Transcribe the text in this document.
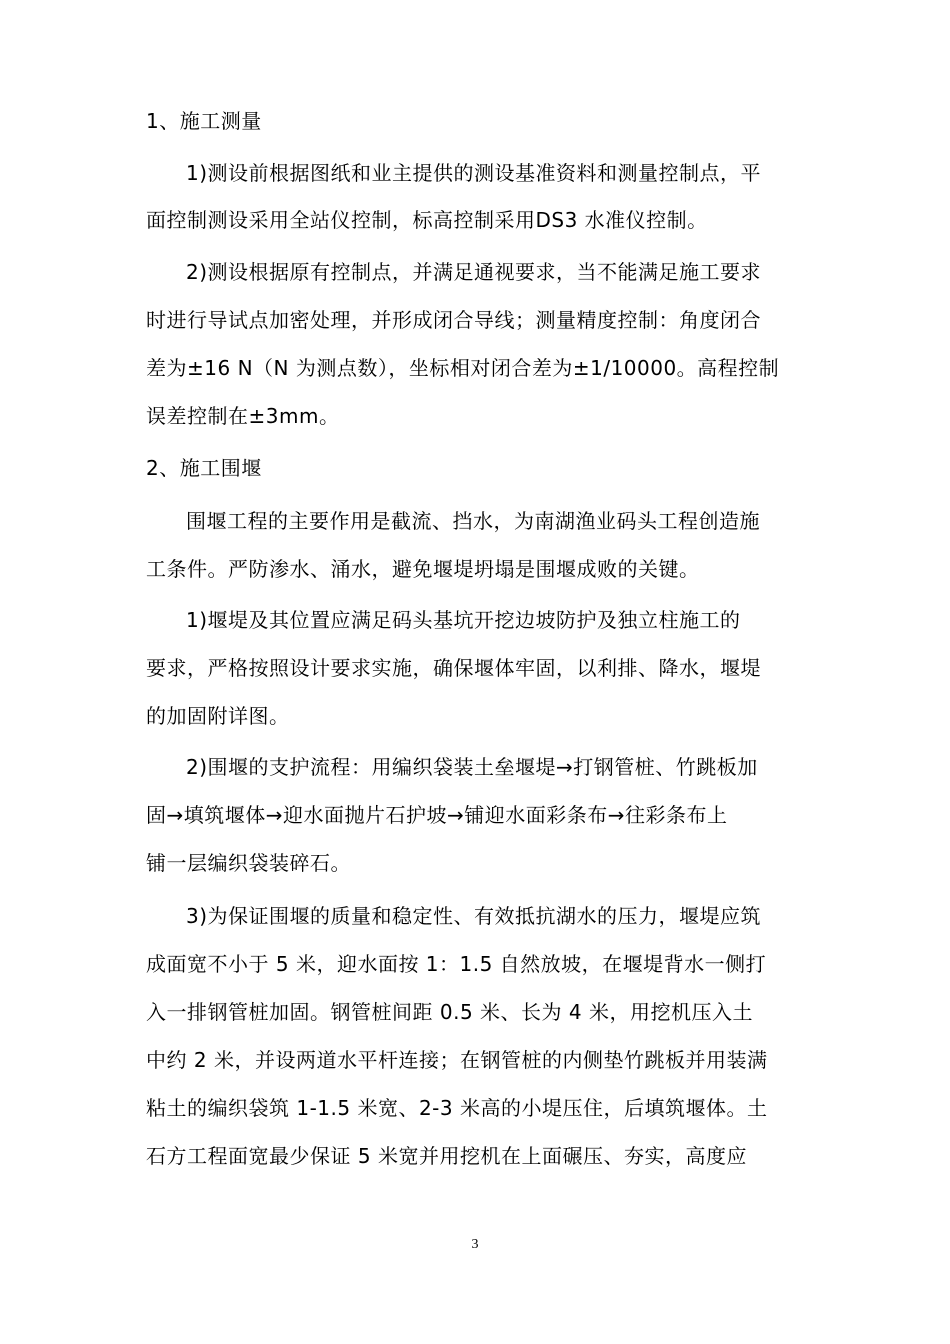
1、施工测量

1)测设前根据图纸和业主提供的测设基准资料和测量控制点，平

面控制测设采用全站仪控制，标高控制采用DS3 水准仪控制。

2)测设根据原有控制点，并满足通视要求，当不能满足施工要求

时进行导试点加密处理，并形成闭合导线；测量精度控制：角度闭合

差为±16 N（N 为测点数），坐标相对闭合差为±1/10000。高程控制

误差控制在±3mm。

2、施工围堰

围堰工程的主要作用是截流、挡水，为南湖渔业码头工程创造施

工条件。严防渗水、涌水，避免堰堤坍塌是围堰成败的关键。

1)堰堤及其位置应满足码头基坑开挖边坡防护及独立柱施工的

要求，严格按照设计要求实施，确保堰体牢固，以利排、降水，堰堤

的加固附详图。

2)围堰的支护流程：用编织袋装土垒堰堤→打钢管桩、竹跳板加

固→填筑堰体→迎水面抛片石护坡→铺迎水面彩条布→往彩条布上

铺一层编织袋装碎石。

3)为保证围堰的质量和稳定性、有效抵抗湖水的压力，堰堤应筑

成面宽不小于 5 米，迎水面按 1：1.5 自然放坡，在堰堤背水一侧打

入一排钢管桩加固。钢管桩间距 0.5 米、长为 4 米，用挖机压入土

中约 2 米，并设两道水平杆连接；在钢管桩的内侧垫竹跳板并用装满

粘土的编织袋筑 1-1.5 米宽、2-3 米高的小堤压住，后填筑堰体。土

石方工程面宽最少保证 5 米宽并用挖机在上面碾压、夯实，高度应

3
